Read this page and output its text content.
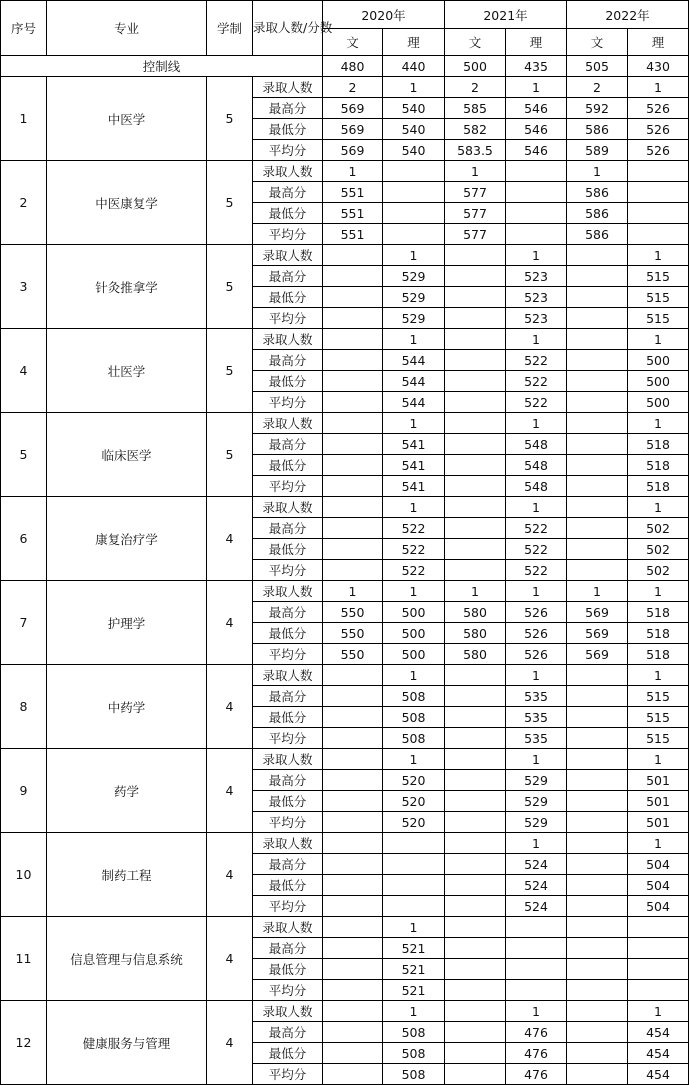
序号	专业	学制	录取人数/分数	2020年		2021年		2022年	
				文	理	文	理	文	理
控制线				480	440	500	435	505	430
1	中医学	5	录取人数	2	1	2	1	2	1
			最高分	569	540	585	546	592	526
			最低分	569	540	582	546	586	526
			平均分	569	540	583.5	546	589	526
2	中医康复学	5	录取人数	1		1		1	
			最高分	551		577		586	
			最低分	551		577		586	
			平均分	551		577		586	
3	针灸推拿学	5	录取人数		1		1		1
			最高分		529		523		515
			最低分		529		523		515
			平均分		529		523		515
4	壮医学	5	录取人数		1		1		1
			最高分		544		522		500
			最低分		544		522		500
			平均分		544		522		500
5	临床医学	5	录取人数		1		1		1
			最高分		541		548		518
			最低分		541		548		518
			平均分		541		548		518
6	康复治疗学	4	录取人数		1		1		1
			最高分		522		522		502
			最低分		522		522		502
			平均分		522		522		502
7	护理学	4	录取人数	1	1	1	1	1	1
			最高分	550	500	580	526	569	518
			最低分	550	500	580	526	569	518
			平均分	550	500	580	526	569	518
8	中药学	4	录取人数		1		1		1
			最高分		508		535		515
			最低分		508		535		515
			平均分		508		535		515
9	药学	4	录取人数		1		1		1
			最高分		520		529		501
			最低分		520		529		501
			平均分		520		529		501
10	制药工程	4	录取人数				1		1
			最高分				524		504
			最低分				524		504
			平均分				524		504
11	信息管理与信息系统	4	录取人数		1				
			最高分		521				
			最低分		521				
			平均分		521				
12	健康服务与管理	4	录取人数		1		1		1
			最高分		508		476		454
			最低分		508		476		454
			平均分		508		476		454
